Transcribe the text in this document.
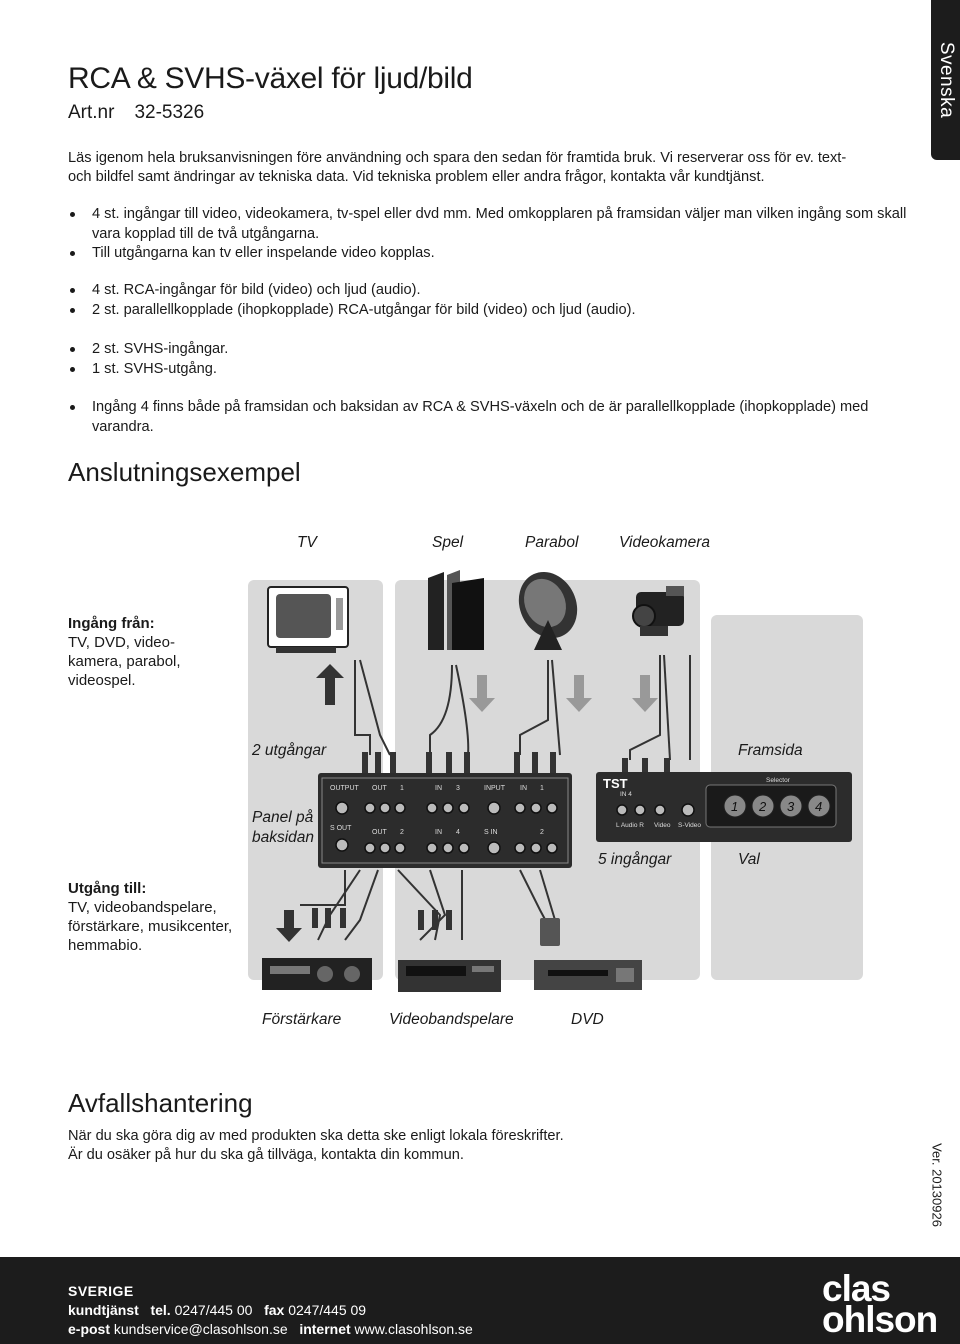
Svenska
RCA & SVHS-växel för ljud/bild
Art.nr 32-5326

Läs igenom hela bruksanvisningen före användning och spara den sedan för framtida bruk. Vi reserverar oss för ev. text- och bildfel samt ändringar av tekniska data. Vid tekniska problem eller andra frågor, kontakta vår kundtjänst.

4 st. ingångar till video, videokamera, tv-spel eller dvd mm. Med omkopplaren på framsidan väljer man vilken ingång som skall vara kopplad till de två utgångarna.
Till utgångarna kan tv eller inspelande video kopplas.
4 st. RCA-ingångar för bild (video) och ljud (audio).
2 st. parallellkopplade (ihopkopplade) RCA-utgångar för bild (video) och ljud (audio).
2 st. SVHS-ingångar.
1 st. SVHS-utgång.
Ingång 4 finns både på framsidan och baksidan av RCA & SVHS-växeln och de är parallellkopplade (ihopkopplade) med varandra.
Anslutningsexempel
OUTPUT OUT 1	IN 3	INPUT IN 1
S OUT
OUT 2	IN 4	S IN	2
TST
IN 4
L Audio R Video S-Video
Selector
1 2 3 4
TV	Spel	Parabol	Videokamera
Ingång från:
TV, DVD, video-kamera, parabol, videospel.
Utgång till:
TV, videobandspelare, förstärkare, musikcenter, hemmabio.
2 utgångar	Framsida
Panel på baksidan
5 ingångar	Val
Förstärkare	Videobandspelare	DVD
Avfallshantering
När du ska göra dig av med produkten ska detta ske enligt lokala föreskrifter.
Är du osäker på hur du ska gå tillväga, kontakta din kommun.	Ver. 20130926
SVERIGE
kundtjänst tel. 0247/445 00 fax 0247/445 09
e-post kundservice@clasohlson.se internet www.clasohlson.se
clas
ohlson
